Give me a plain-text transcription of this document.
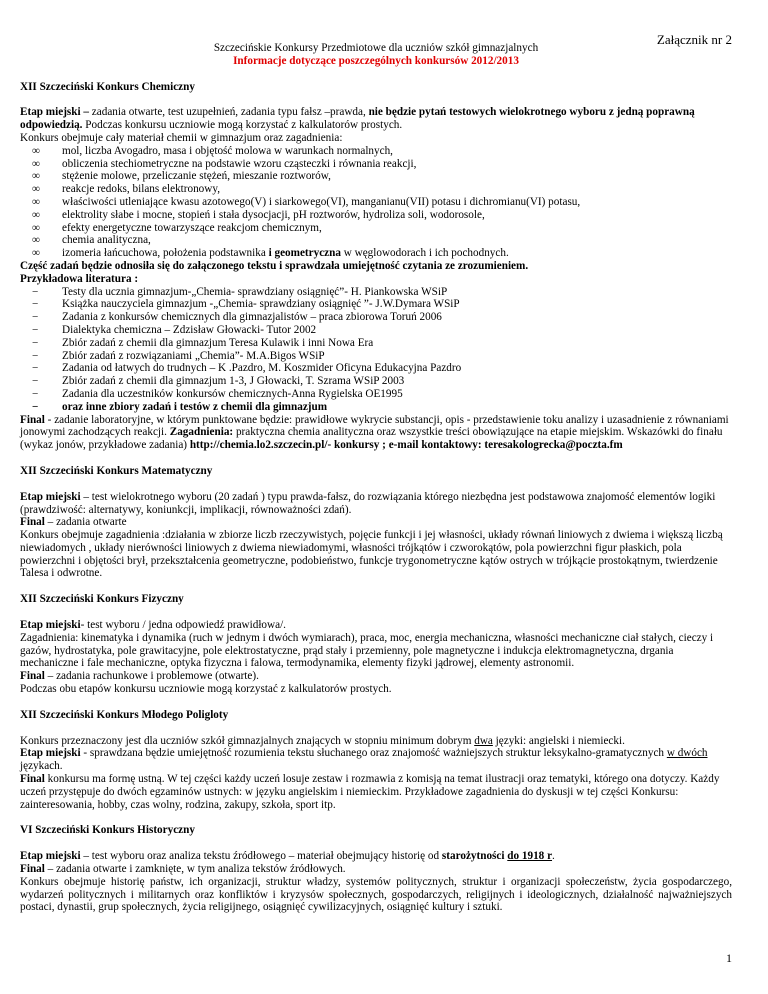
Załącznik nr 2

Szczecińskie Konkursy Przedmiotowe dla uczniów szkół gimnazjalnych

Informacje dotyczące poszczególnych konkursów 2012/2013

XII Szczeciński Konkurs Chemiczny

Etap miejski – zadania otwarte, test uzupełnień, zadania typu fałsz –prawda, nie będzie pytań testowych wielokrotnego wyboru z jedną poprawną odpowiedzią. Podczas konkursu uczniowie mogą korzystać z kalkulatorów prostych.

Konkurs obejmuje cały materiał chemii w gimnazjum oraz zagadnienia:

∞ mol, liczba Avogadro, masa i objętość molowa w warunkach normalnych,
∞ obliczenia stechiometryczne na podstawie wzoru cząsteczki i równania reakcji,
∞ stężenie molowe, przeliczanie stężeń, mieszanie roztworów,
∞ reakcje redoks, bilans elektronowy,
∞ właściwości utleniające kwasu azotowego(V) i siarkowego(VI), manganianu(VII) potasu i dichromianu(VI) potasu,
∞ elektrolity słabe i mocne, stopień i stała dysocjacji, pH roztworów, hydroliza soli, wodorosole,
∞ efekty energetyczne towarzyszące reakcjom chemicznym,
∞ chemia analityczna,
∞ izomeria łańcuchowa, położenia podstawnika i geometryczna w węglowodorach i ich pochodnych.

Część zadań będzie odnosiła się do załączonego tekstu i sprawdzała umiejętność czytania ze zrozumieniem.

Przykładowa literatura :

− Testy dla ucznia gimnazjum-„Chemia- sprawdziany osiągnięć”- H. Piankowska WSiP
− Książka nauczyciela gimnazjum -„Chemia- sprawdziany osiągnięć ”- J.W.Dymara WSiP
− Zadania z konkursów chemicznych dla gimnazjalistów – praca zbiorowa Toruń 2006
− Dialektyka chemiczna – Zdzisław Głowacki- Tutor 2002
− Zbiór zadań z chemii dla gimnazjum Teresa Kulawik i inni Nowa Era
− Zbiór zadań z rozwiązaniami „Chemia”- M.A.Bigos WSiP
− Zadania od łatwych do trudnych – K .Pazdro, M. Koszmider Oficyna Edukacyjna Pazdro
− Zbiór zadań z chemii dla gimnazjum 1-3, J Głowacki, T. Szrama WSiP 2003
− Zadania dla uczestników konkursów chemicznych-Anna Rygielska OE1995
− oraz inne zbiory zadań i testów z chemii dla gimnazjum

Final - zadanie laboratoryjne, w którym punktowane będzie: prawidłowe wykrycie substancji, opis - przedstawienie toku analizy i uzasadnienie z równaniami jonowymi zachodzących reakcji. Zagadnienia: praktyczna chemia analityczna oraz wszystkie treści obowiązujące na etapie miejskim. Wskazówki do finału (wykaz jonów, przykładowe zadania) http://chemia.lo2.szczecin.pl/- konkursy ; e-mail kontaktowy: teresakologrecka@poczta.fm

XII Szczeciński Konkurs Matematyczny

Etap miejski – test wielokrotnego wyboru (20 zadań ) typu prawda-fałsz, do rozwiązania którego niezbędna jest podstawowa znajomość elementów logiki (prawdziwość: alternatywy, koniunkcji, implikacji, równoważności zdań).

Final – zadania otwarte

Konkurs obejmuje zagadnienia :działania w zbiorze liczb rzeczywistych, pojęcie funkcji i jej własności, układy równań liniowych z dwiema i większą liczbą niewiadomych , układy nierówności liniowych z dwiema niewiadomymi, własności trójkątów i czworokątów, pola powierzchni figur płaskich, pola powierzchni i objętości brył, przekształcenia geometryczne, podobieństwo, funkcje trygonometryczne kątów ostrych w trójkącie prostokątnym, twierdzenie Talesa i odwrotne.

XII Szczeciński Konkurs Fizyczny

Etap miejski- test wyboru / jedna odpowiedź prawidłowa/.

Zagadnienia: kinematyka i dynamika (ruch w jednym i dwóch wymiarach), praca, moc, energia mechaniczna, własności mechaniczne ciał stałych, cieczy i gazów, hydrostatyka, pole grawitacyjne, pole elektrostatyczne, prąd stały i przemienny, pole magnetyczne i indukcja elektromagnetyczna, drgania mechaniczne i fale mechaniczne, optyka fizyczna i falowa, termodynamika, elementy fizyki jądrowej, elementy astronomii.

Final – zadania rachunkowe i problemowe (otwarte).

Podczas obu etapów konkursu uczniowie mogą korzystać z kalkulatorów prostych.

XII Szczeciński Konkurs Młodego Poligloty

Konkurs przeznaczony jest dla uczniów szkół gimnazjalnych znających w stopniu minimum dobrym dwa języki: angielski i niemiecki.

Etap miejski - sprawdzana będzie umiejętność rozumienia tekstu słuchanego oraz znajomość ważniejszych struktur leksykalno-gramatycznych w dwóch językach.

Final konkursu ma formę ustną. W tej części każdy uczeń losuje zestaw i rozmawia z komisją na temat ilustracji oraz tematyki, którego ona dotyczy. Każdy uczeń przystępuje do dwóch egzaminów ustnych: w języku angielskim i niemieckim. Przykładowe zagadnienia do dyskusji w tej części Konkursu: zainteresowania, hobby, czas wolny, rodzina, zakupy, szkoła, sport itp.

VI Szczeciński Konkurs Historyczny

Etap miejski – test wyboru oraz analiza tekstu źródłowego – materiał obejmujący historię od starożytności do 1918 r.

Final – zadania otwarte i zamknięte, w tym analiza tekstów źródłowych.

Konkurs obejmuje historię państw, ich organizacji, struktur władzy, systemów politycznych, struktur i organizacji społeczeństw, życia gospodarczego, wydarzeń politycznych i militarnych oraz konfliktów i kryzysów społecznych, gospodarczych, religijnych i ideologicznych, działalność najważniejszych postaci, dynastii, grup społecznych, życia religijnego, osiągnięć cywilizacyjnych, osiągnięć kultury i sztuki.

1
